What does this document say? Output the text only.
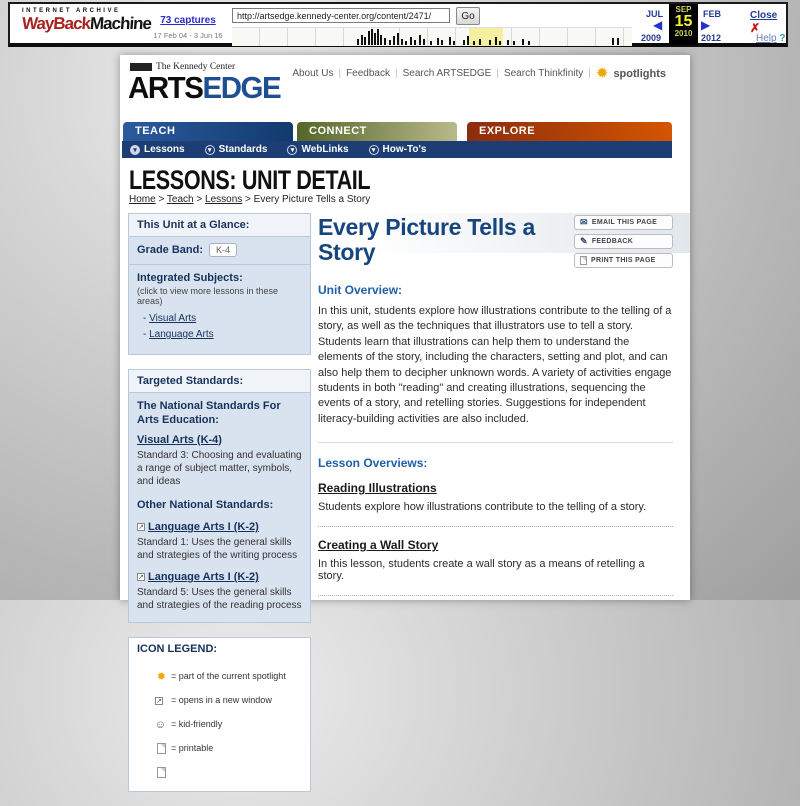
INTERNET ARCHIVE
WayBackMachine 73 captures
17 Feb 04 - 3 Jun 16
http://artsedge.kennedy-center.org/content/2471/
Go	JUL
◀
2009
SEP
15
2010
FEB
▶
2012
Close ✗
Help ?
The Kennedy Center
ARTSEDGE About Us | Feedback | Search ARTSEDGE | Search Thinkfinity | ✹ spotlights
TEACH	CONNECT	EXPLORE
▾ Lessons	▾ Standards	▾ WebLinks	▾ How-To's
LESSONS: UNIT DETAIL
Home > Teach > Lessons > Every Picture Tells a Story
This Unit at a Glance:
Grade Band:	K-4
Integrated Subjects:
(click to view more lessons in these areas)
- Visual Arts
- Language Arts
Targeted Standards:
The National Standards For Arts Education:
Visual Arts (K-4)
Standard 3: Choosing and evaluating a range of subject matter, symbols, and ideas
Other National Standards:
↗ Language Arts I (K-2)
Standard 1: Uses the general skills and strategies of the writing process
↗ Language Arts I (K-2)
Standard 5: Uses the general skills and strategies of the reading process
ICON LEGEND:
✹ = part of the current spotlight
↗	= opens in a new window
☺ = kid-friendly
= printable
Every Picture Tells a Story
✉ EMAIL THIS PAGE
✎ FEEDBACK
PRINT THIS PAGE
Unit Overview:
In this unit, students explore how illustrations contribute to the telling of a story, as well as the techniques that illustrators use to tell a story. Students learn that illustrations can help them to understand the elements of the story, including the characters, setting and plot, and can also help them to decipher unknown words. A variety of activities engage students in both "reading" and creating illustrations, sequencing the events of a story, and retelling stories. Suggestions for independent literacy-building activities are also included.
Lesson Overviews:
Reading Illustrations
Students explore how illustrations contribute to the telling of a story.
Creating a Wall Story
In this lesson, students create a wall story as a means of retelling a story.
